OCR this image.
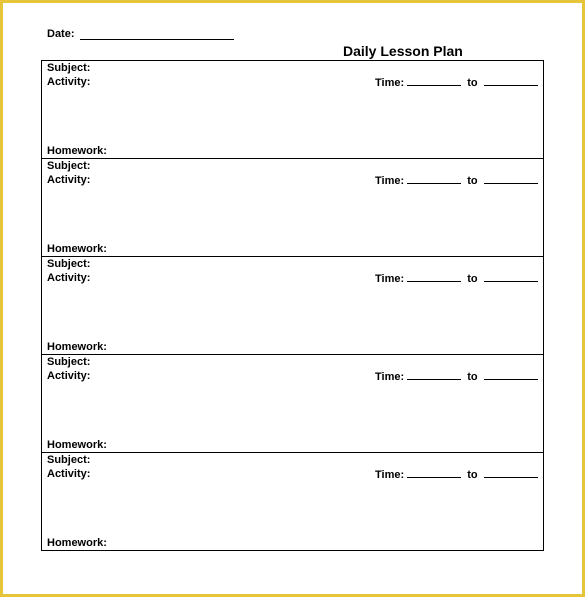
Date:
Daily Lesson Plan
Subject:
Activity:	Time:	to
Homework:
Subject:
Activity:	Time:	to
Homework:
Subject:
Activity:	Time:	to
Homework:
Subject:
Activity:	Time:	to
Homework:
Subject:
Activity:	Time:	to
Homework:
